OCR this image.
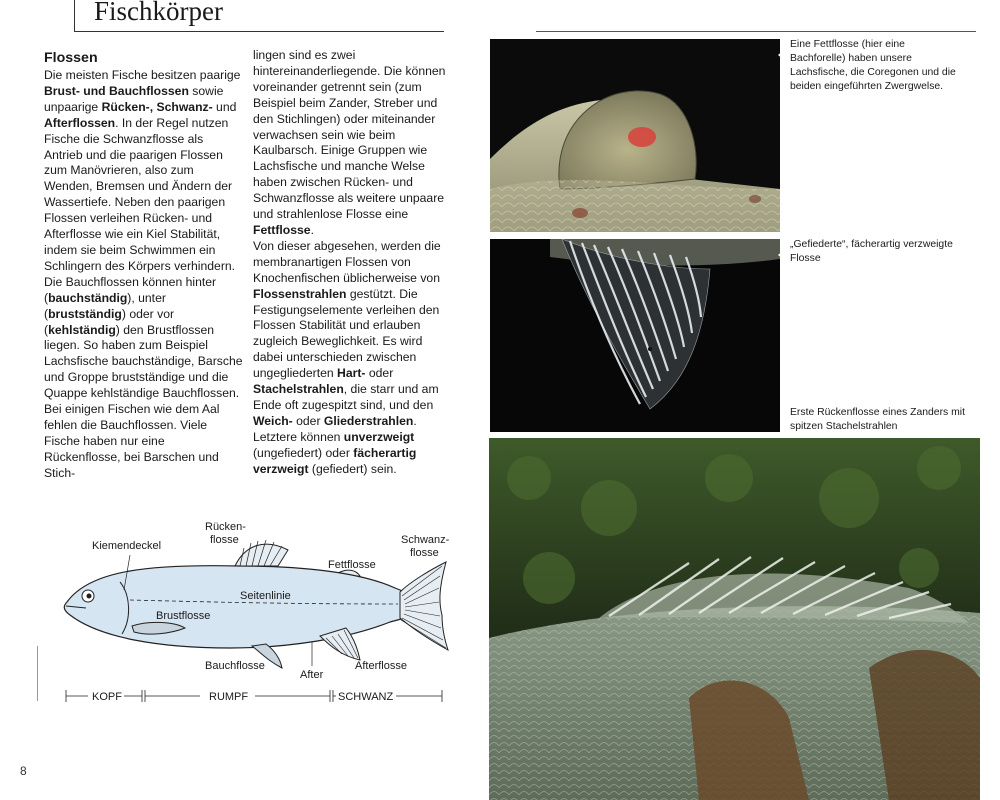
Fischkörper
Flossen

Die meisten Fische besitzen paarige Brust- und Bauchflossen sowie unpaarige Rücken-, Schwanz- und Afterflossen. In der Regel nutzen Fische die Schwanzflosse als Antrieb und die paarigen Flossen zum Manövrieren, also zum Wenden, Bremsen und Ändern der Wassertiefe. Neben den paarigen Flossen verleihen Rücken- und Afterflosse wie ein Kiel Stabilität, indem sie beim Schwimmen ein Schlingern des Körpers verhindern.

Die Bauchflossen können hinter (bauchständig), unter (brustständig) oder vor (kehlständig) den Brustflossen liegen. So haben zum Beispiel Lachsfische bauchständige, Barsche und Groppe brustständige und die Quappe kehlständige Bauchflossen. Bei einigen Fischen wie dem Aal fehlen die Bauchflossen. Viele Fische haben nur eine Rückenflosse, bei Barschen und Stich-

lingen sind es zwei hintereinanderliegende. Die können voreinander getrennt sein (zum Beispiel beim Zander, Streber und den Stichlingen) oder miteinander verwachsen sein wie beim Kaulbarsch. Einige Gruppen wie Lachsfische und manche Welse haben zwischen Rücken- und Schwanzflosse als weitere unpaare und strahlenlose Flosse eine Fettflosse.

Von dieser abgesehen, werden die membranartigen Flossen von Knochenfischen üblicherweise von Flossenstrahlen gestützt. Die Festigungselemente verleihen den Flossen Stabilität und erlauben zugleich Beweglichkeit. Es wird dabei unterschieden zwischen ungegliederten Hart- oder Stachelstrahlen, die starr und am Ende oft zugespitzt sind, und den Weich- oder Gliederstrahlen. Letztere können unverzweigt (ungefiedert) oder fächerartig verzweigt (gefiedert) sein.

Eine Fettflosse (hier eine Bachforelle) haben unsere Lachsfische, die Coregonen und die beiden eingeführten Zwergwelse.
„Gefiederte“, fächerartig verzweigte Flosse
Erste Rückenflosse eines Zanders mit spitzen Stachelstrahlen
Kiemendeckel
Rücken-
flosse	Schwanz-
flosse
Fettflosse
Seitenlinie
Brustflosse
Bauchflosse
After
Afterflosse
KOPF	RUMPF	SCHWANZ
8
